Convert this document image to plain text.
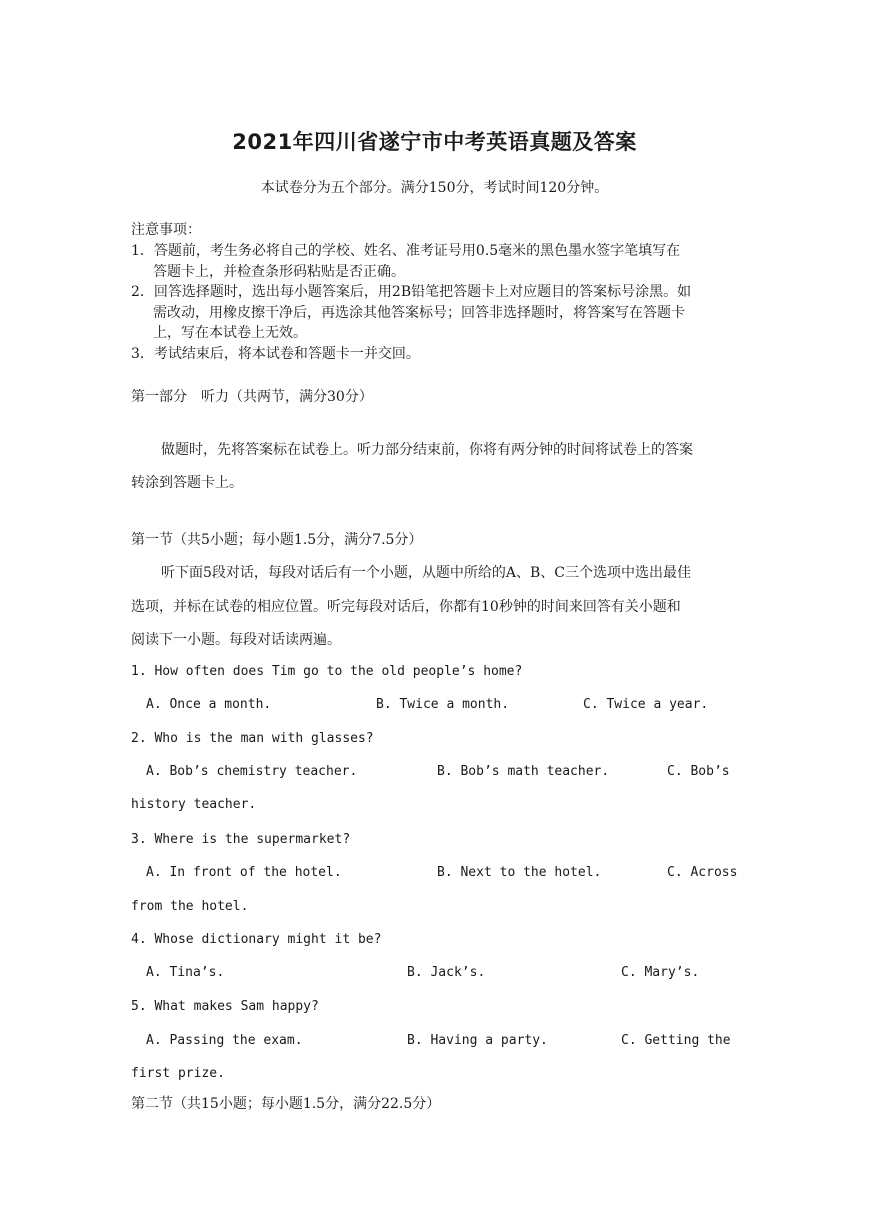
2021年四川省遂宁市中考英语真题及答案
本试卷分为五个部分。满分150分，考试时间120分钟。
注意事项：
1．答题前，考生务必将自己的学校、姓名、准考证号用0.5毫米的黑色墨水签字笔填写在
答题卡上，并检查条形码粘贴是否正确。
2．回答选择题时，选出每小题答案后，用2B铅笔把答题卡上对应题目的答案标号涂黑。如
需改动，用橡皮擦干净后，再选涂其他答案标号；回答非选择题时，将答案写在答题卡
上，写在本试卷上无效。
3．考试结束后，将本试卷和答题卡一并交回。
第一部分　听力（共两节，满分30分）
做题时，先将答案标在试卷上。听力部分结束前，你将有两分钟的时间将试卷上的答案
转涂到答题卡上。
第一节（共5小题；每小题1.5分，满分7.5分）
听下面5段对话，每段对话后有一个小题，从题中所给的A、B、C三个选项中选出最佳
选项，并标在试卷的相应位置。听完每段对话后，你都有10秒钟的时间来回答有关小题和
阅读下一小题。每段对话读两遍。
1. How often does Tim go to the old people’s home?
A. Once a month.	B. Twice a month.	C. Twice a year.
2. Who is the man with glasses?
A. Bob’s chemistry teacher.	B. Bob’s math teacher.	C. Bob’s
history teacher.
3. Where is the supermarket?
A. In front of the hotel.	B. Next to the hotel.	C. Across
from the hotel.
4. Whose dictionary might it be?
A. Tina’s.	B. Jack’s.	C. Mary’s.
5. What makes Sam happy?
A. Passing the exam.	B. Having a party.	C. Getting the
first prize.
第二节（共15小题；每小题1.5分，满分22.5分）
